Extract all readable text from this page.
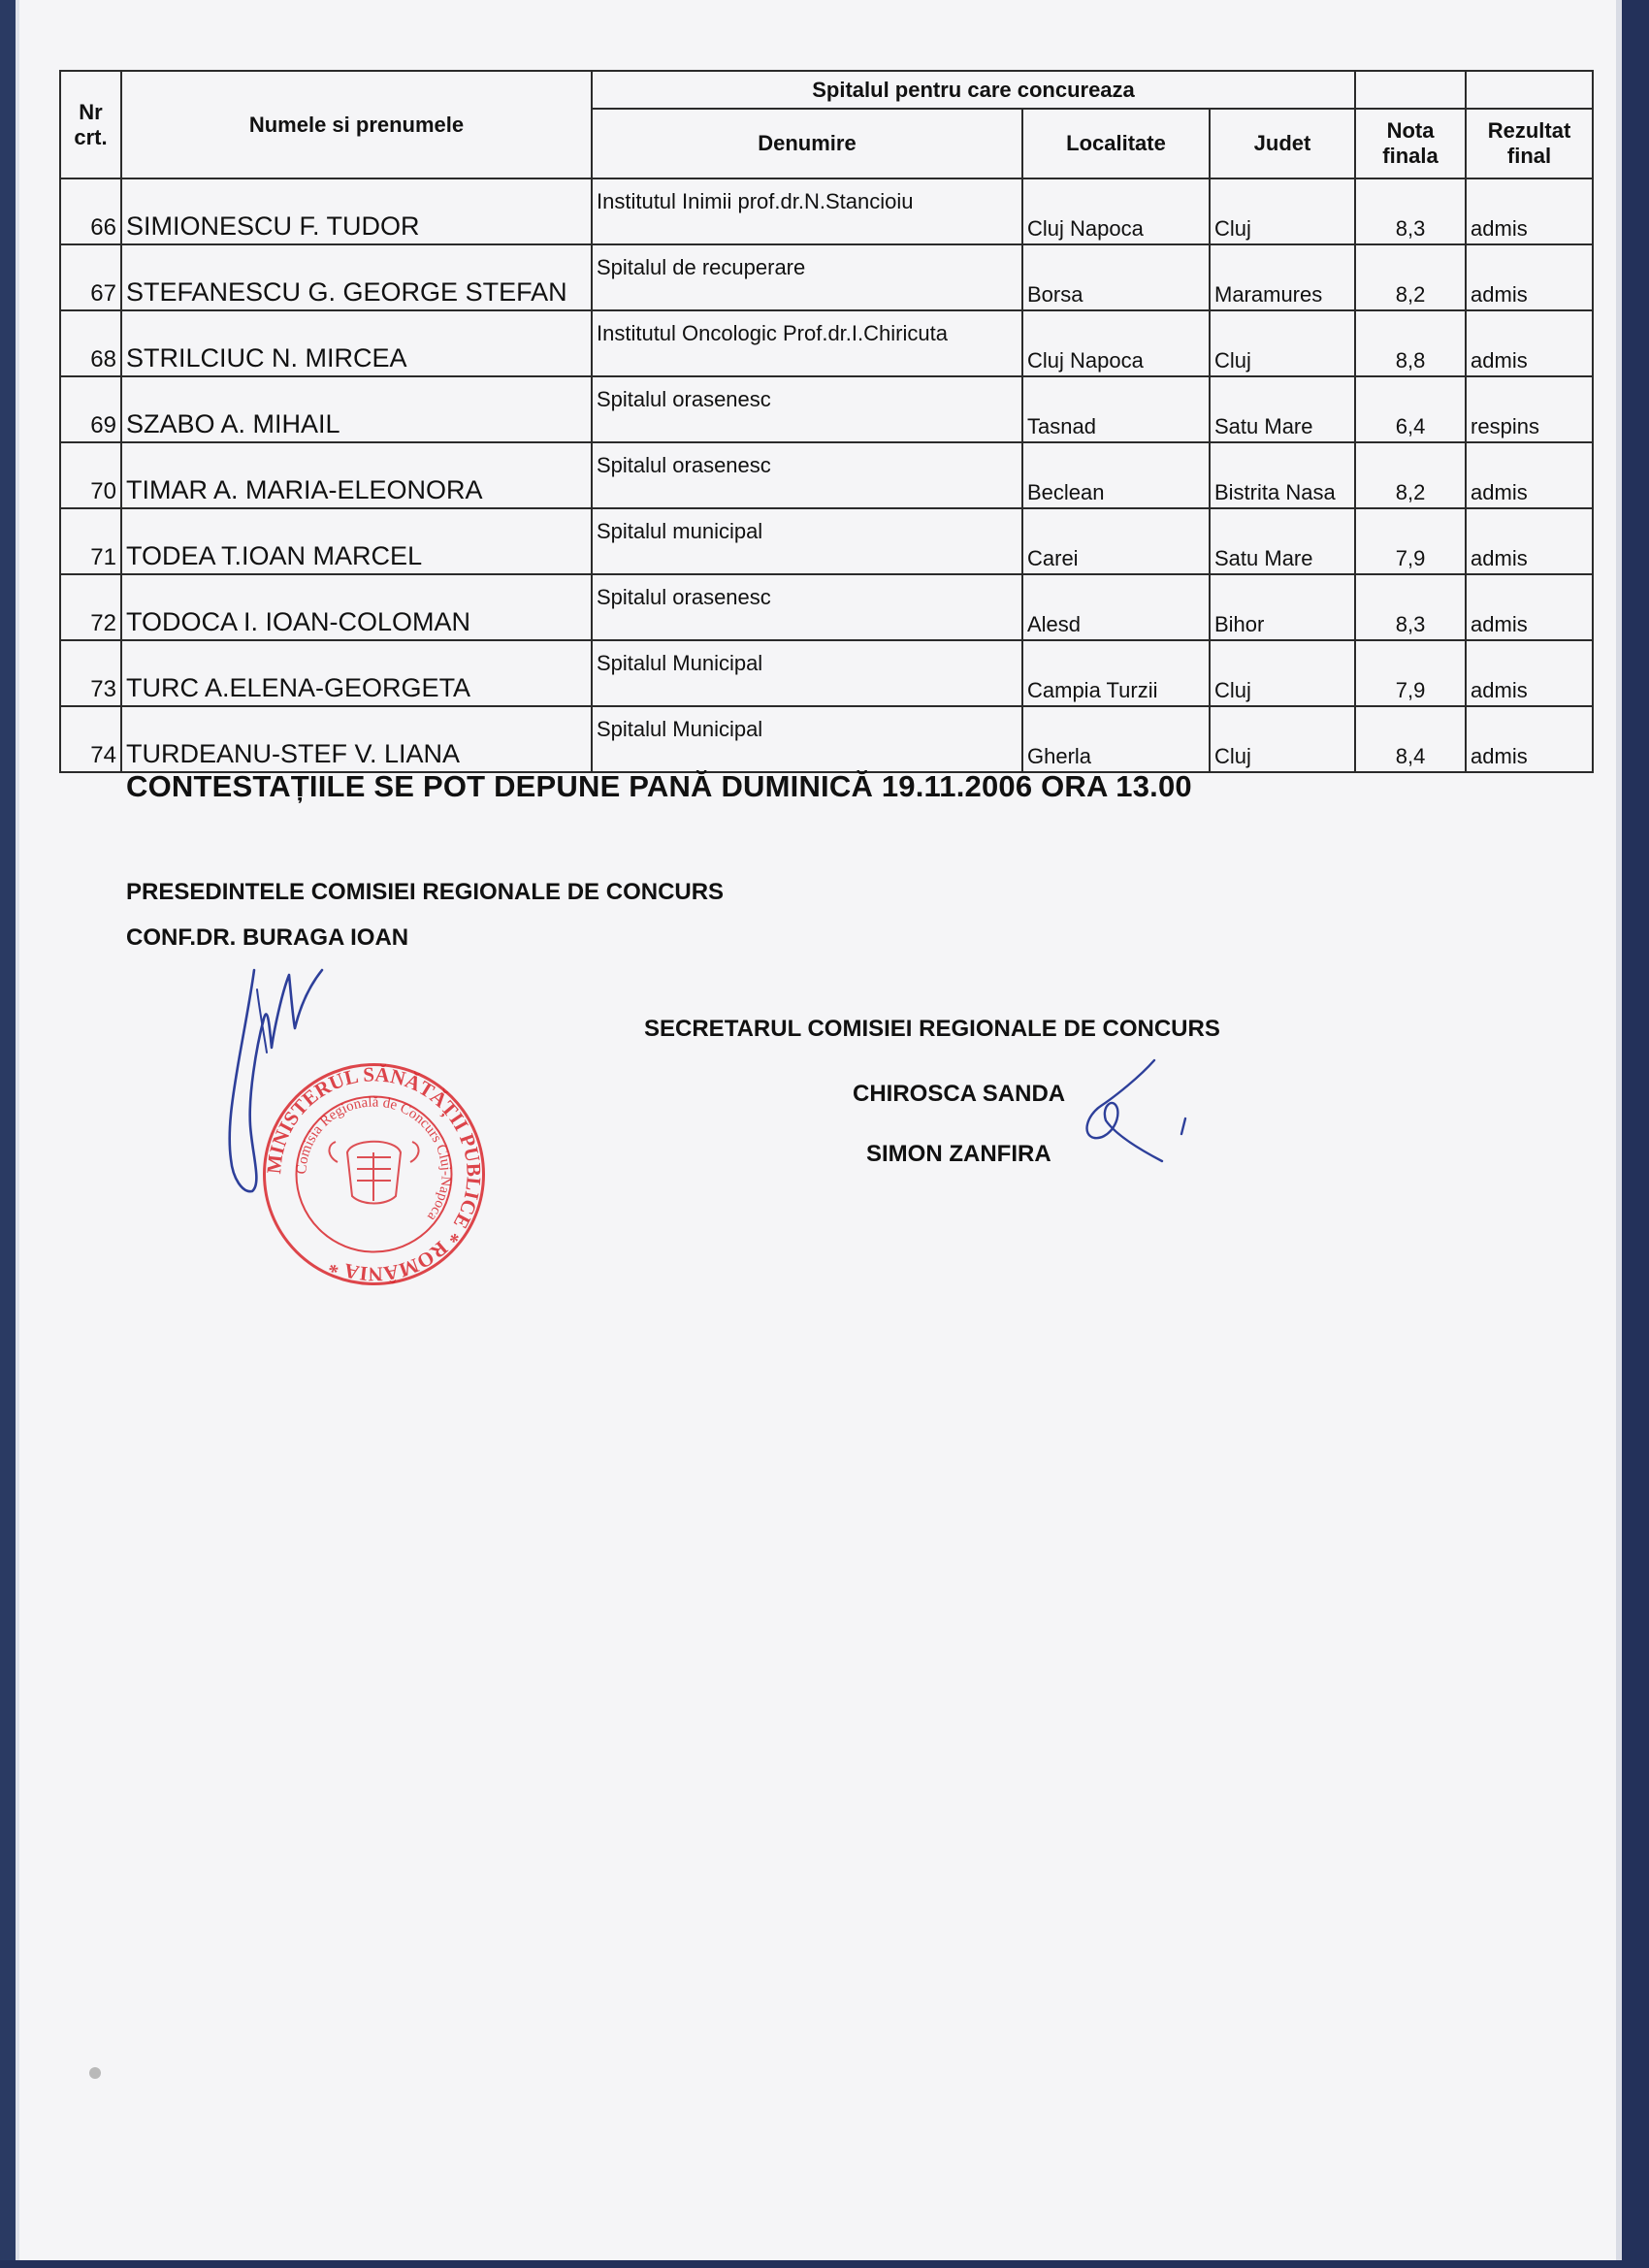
Nr crt.	Numele si prenumele	Spitalul pentru care concureaza				
		Denumire	Localitate	Judet	Nota finala	Rezultat final
66	SIMIONESCU F. TUDOR	Institutul Inimii prof.dr.N.Stancioiu	Cluj Napoca	Cluj	8,3	admis
67	STEFANESCU G. GEORGE STEFAN	Spitalul de recuperare	Borsa	Maramures	8,2	admis
68	STRILCIUC N. MIRCEA	Institutul Oncologic Prof.dr.I.Chiricuta	Cluj Napoca	Cluj	8,8	admis
69	SZABO A. MIHAIL	Spitalul orasenesc	Tasnad	Satu Mare	6,4	respins
70	TIMAR A. MARIA-ELEONORA	Spitalul orasenesc	Beclean	Bistrita Nasa	8,2	admis
71	TODEA T.IOAN MARCEL	Spitalul municipal	Carei	Satu Mare	7,9	admis
72	TODOCA I. IOAN-COLOMAN	Spitalul orasenesc	Alesd	Bihor	8,3	admis
73	TURC A.ELENA-GEORGETA	Spitalul Municipal	Campia Turzii	Cluj	7,9	admis
74	TURDEANU-STEF V. LIANA	Spitalul Municipal	Gherla	Cluj	8,4	admis
CONTESTAȚIILE SE POT DEPUNE PANĂ DUMINICĂ 19.11.2006 ORA 13.00
PRESEDINTELE COMISIEI REGIONALE DE CONCURS
CONF.DR. BURAGA IOAN
MINISTERUL SĂNĂTĂȚII PUBLICE * ROMÂNIA *
Comisia Regională de Concurs Cluj-Napoca
SECRETARUL COMISIEI REGIONALE DE CONCURS
CHIROSCA SANDA
SIMON ZANFIRA
